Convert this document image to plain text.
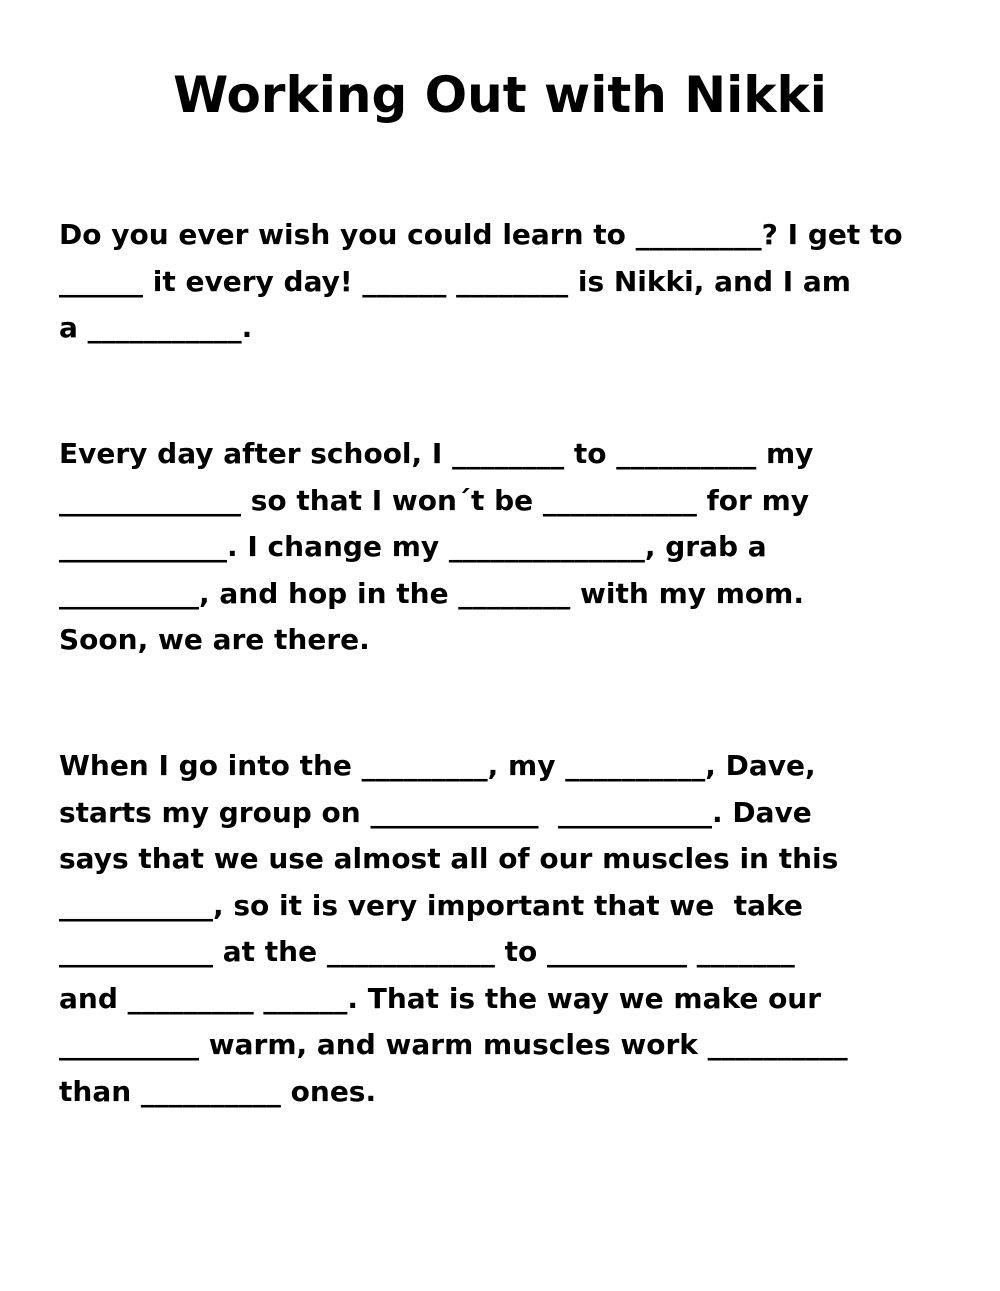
Working Out with Nikki
Do you ever wish you could learn to _________? I get to
______ it every day! ______ ________ is Nikki, and I am
a ___________.
Every day after school, I ________ to __________ my
_____________ so that I won´t be ___________ for my
____________. I change my ______________, grab a
__________, and hop in the ________ with my mom.
Soon, we are there.
When I go into the _________, my __________, Dave,
starts my group on ____________  ___________. Dave
says that we use almost all of our muscles in this
___________, so it is very important that we  take
___________ at the ____________ to __________ _______
and _________ ______. That is the way we make our
__________ warm, and warm muscles work __________
than __________ ones.
